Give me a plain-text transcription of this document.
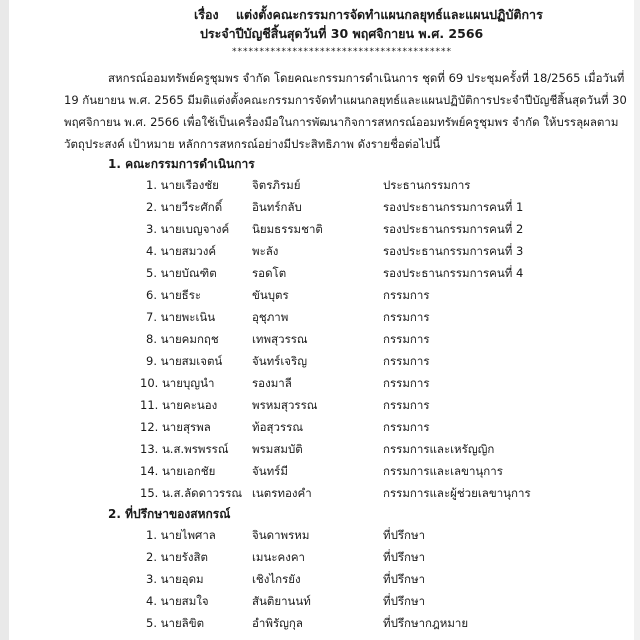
เรื่อง แต่งตั้งคณะกรรมการจัดทำแผนกลยุทธ์และแผนปฏิบัติการ
ประจำปีบัญชีสิ้นสุดวันที่ 30 พฤศจิกายน พ.ศ. 2566
****************************************
สหกรณ์ออมทรัพย์ครูชุมพร จำกัด โดยคณะกรรมการดำเนินการ ชุดที่ 69 ประชุมครั้งที่ 18/2565 เมื่อวันที่
19 กันยายน พ.ศ. 2565 มีมติแต่งตั้งคณะกรรมการจัดทำแผนกลยุทธ์และแผนปฏิบัติการประจำปีบัญชีสิ้นสุดวันที่ 30
พฤศจิกายน พ.ศ. 2566 เพื่อใช้เป็นเครื่องมือในการพัฒนากิจการสหกรณ์ออมทรัพย์ครูชุมพร จำกัด ให้บรรลุผลตาม
วัตถุประสงค์ เป้าหมาย หลักการสหกรณ์อย่างมีประสิทธิภาพ ดังรายชื่อต่อไปนี้
1. คณะกรรมการดำเนินการ
1. นายเรืองชัย	จิตรภิรมย์	ประธานกรรมการ
2. นายวีระศักดิ์	อินทร์กลับ	รองประธานกรรมการคนที่ 1
3. นายเบญจางค์ นิยมธรรมชาติ	รองประธานกรรมการคนที่ 2
4. นายสมวงค์	พะลัง	รองประธานกรรมการคนที่ 3
5. นายบัณฑิต	รอดโต	รองประธานกรรมการคนที่ 4
6. นายธีระ	ขันบุตร	กรรมการ
7. นายพะเนิน	อุชุภาพ	กรรมการ
8. นายคมกฤช	เทพสุวรรณ	กรรมการ
9. นายสมเจตน์	จันทร์เจริญ	กรรมการ
10. นายบุญนำ	รองมาลี	กรรมการ
11. นายคะนอง	พรหมสุวรรณ	กรรมการ
12. นายสุรพล	ท้อสุวรรณ	กรรมการ
13. น.ส.พรพรรณ์ พรมสมบัติ	กรรมการและเหรัญญิก
14. นายเอกชัย	จันทร์มี	กรรมการและเลขานุการ
15. น.ส.ลัดดาวรรณ เนตรทองคำ	กรรมการและผู้ช่วยเลขานุการ
2. ที่ปรึกษาของสหกรณ์
1. นายไพศาล	จินดาพรหม	ที่ปรึกษา
2. นายรังสิต	เมนะคงคา	ที่ปรึกษา
3. นายอุดม	เชิงไกรยัง	ที่ปรึกษา
4. นายสมใจ	สันติยานนท์	ที่ปรึกษา
5. นายลิขิต	อำพิรัญกุล	ที่ปรึกษากฎหมาย
